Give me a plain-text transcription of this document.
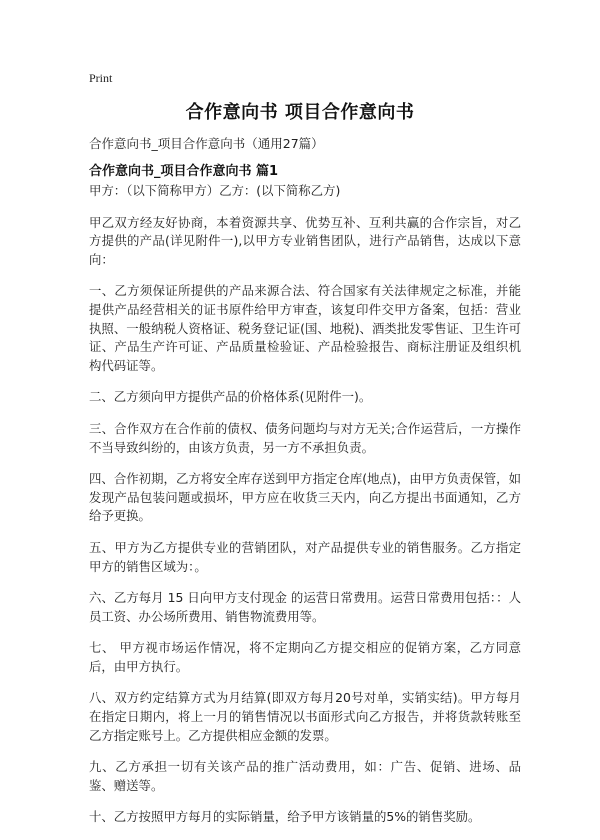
Print
合作意向书 项目合作意向书
合作意向书_项目合作意向书（通用27篇）
合作意向书_项目合作意向书 篇1

甲方：（以下简称甲方）乙方：(以下简称乙方)

甲乙双方经友好协商，本着资源共享、优势互补、互利共赢的合作宗旨，对乙方提供的产品(详见附件一),以甲方专业销售团队，进行产品销售，达成以下意向：

一、乙方须保证所提供的产品来源合法、符合国家有关法律规定之标准，并能提供产品经营相关的证书原件给甲方审查，该复印件交甲方备案，包括：营业执照、一般纳税人资格证、税务登记证(国、地税)、酒类批发零售证、卫生许可证、产品生产许可证、产品质量检验证、产品检验报告、商标注册证及组织机构代码证等。

二、乙方须向甲方提供产品的价格体系(见附件一)。

三、合作双方在合作前的债权、债务问题均与对方无关;合作运营后，一方操作不当导致纠纷的，由该方负责，另一方不承担负责。

四、合作初期，乙方将安全库存送到甲方指定仓库(地点)，由甲方负责保管，如发现产品包装问题或损坏，甲方应在收货三天内，向乙方提出书面通知，乙方给予更换。

五、甲方为乙方提供专业的营销团队，对产品提供专业的销售服务。乙方指定甲方的销售区域为：。

六、乙方每月 15 日向甲方支付现金 的运营日常费用。运营日常费用包括：：人员工资、办公场所费用、销售物流费用等。

七、 甲方视市场运作情况，将不定期向乙方提交相应的促销方案，乙方同意后，由甲方执行。

八、双方约定结算方式为月结算(即双方每月20号对单，实销实结)。甲方每月在指定日期内，将上一月的销售情况以书面形式向乙方报告，并将货款转账至乙方指定账号上。乙方提供相应金额的发票。

九、乙方承担一切有关该产品的推广活动费用，如：广告、促销、进场、品鉴、赠送等。

十、乙方按照甲方每月的实际销量，给予甲方该销量的5%的销售奖励。
